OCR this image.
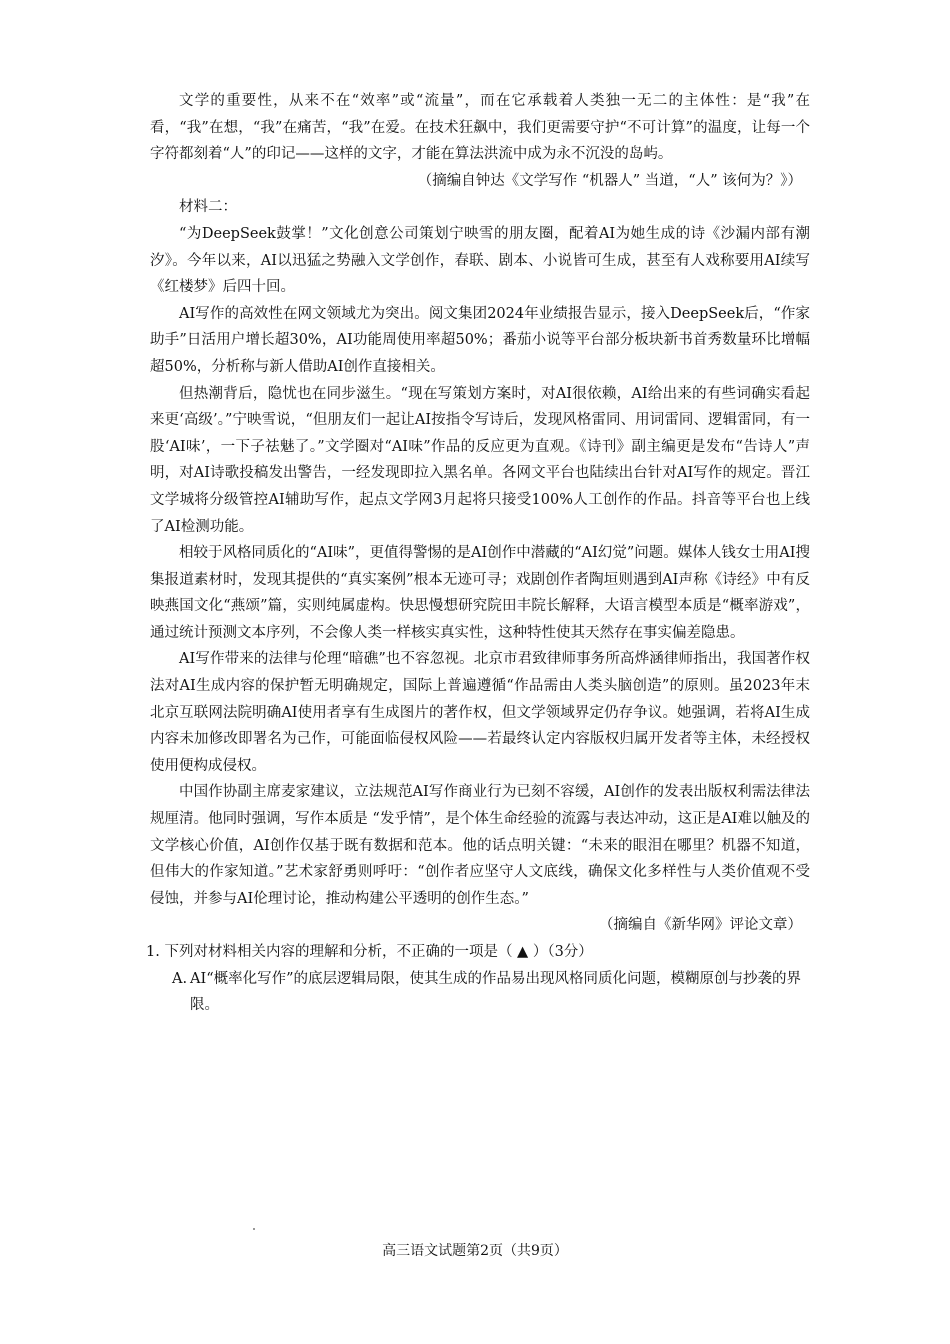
文学的重要性，从来不在“效率”或“流量”，而在它承载着人类独一无二的主体性：是“我”在看，“我”在想，“我”在痛苦，“我”在爱。在技术狂飙中，我们更需要守护“不可计算”的温度，让每一个字符都刻着“人”的印记——这样的文字，才能在算法洪流中成为永不沉没的岛屿。

（摘编自钟达《文学写作 “机器人” 当道，“人” 该何为？》）

材料二：

“为DeepSeek鼓掌！”文化创意公司策划宁映雪的朋友圈，配着AI为她生成的诗《沙漏内部有潮汐》。今年以来，AI以迅猛之势融入文学创作，春联、剧本、小说皆可生成，甚至有人戏称要用AI续写《红楼梦》后四十回。

AI写作的高效性在网文领域尤为突出。阅文集团2024年业绩报告显示，接入DeepSeek后，“作家助手”日活用户增长超30%，AI功能周使用率超50%；番茄小说等平台部分板块新书首秀数量环比增幅超50%，分析称与新人借助AI创作直接相关。

但热潮背后，隐忧也在同步滋生。“现在写策划方案时，对AI很依赖，AI给出来的有些词确实看起来更‘高级’。”宁映雪说，“但朋友们一起让AI按指令写诗后，发现风格雷同、用词雷同、逻辑雷同，有一股‘AI味’，一下子祛魅了。”文学圈对“AI味”作品的反应更为直观。《诗刊》副主编更是发布“告诗人”声明，对AI诗歌投稿发出警告，一经发现即拉入黑名单。各网文平台也陆续出台针对AI写作的规定。晋江文学城将分级管控AI辅助写作，起点文学网3月起将只接受100%人工创作的作品。抖音等平台也上线了AI检测功能。

相较于风格同质化的“AI味”，更值得警惕的是AI创作中潜藏的“AI幻觉”问题。媒体人钱女士用AI搜集报道素材时，发现其提供的“真实案例”根本无迹可寻；戏剧创作者陶垣则遇到AI声称《诗经》中有反映燕国文化“燕颂”篇，实则纯属虚构。快思慢想研究院田丰院长解释，大语言模型本质是“概率游戏”，通过统计预测文本序列，不会像人类一样核实真实性，这种特性使其天然存在事实偏差隐患。

AI写作带来的法律与伦理“暗礁”也不容忽视。北京市君致律师事务所高烨涵律师指出，我国著作权法对AI生成内容的保护暂无明确规定，国际上普遍遵循“作品需由人类头脑创造”的原则。虽2023年末北京互联网法院明确AI使用者享有生成图片的著作权，但文学领域界定仍存争议。她强调，若将AI生成内容未加修改即署名为己作，可能面临侵权风险——若最终认定内容版权归属开发者等主体，未经授权使用便构成侵权。

中国作协副主席麦家建议，立法规范AI写作商业行为已刻不容缓，AI创作的发表出版权利需法律法规厘清。他同时强调，写作本质是 “发乎情”，是个体生命经验的流露与表达冲动，这正是AI难以触及的文学核心价值，AI创作仅基于既有数据和范本。他的话点明关键：“未来的眼泪在哪里？机器不知道，但伟大的作家知道。”艺术家舒勇则呼吁：“创作者应坚守人文底线，确保文化多样性与人类价值观不受侵蚀，并参与AI伦理讨论，推动构建公平透明的创作生态。”

（摘编自《新华网》评论文章）

1. 下列对材料相关内容的理解和分析，不正确的一项是（ ▲ ）（3分）

A. AI“概率化写作”的底层逻辑局限，使其生成的作品易出现风格同质化问题，模糊原创与抄袭的界限。
高三语文试题第2页（共9页）
